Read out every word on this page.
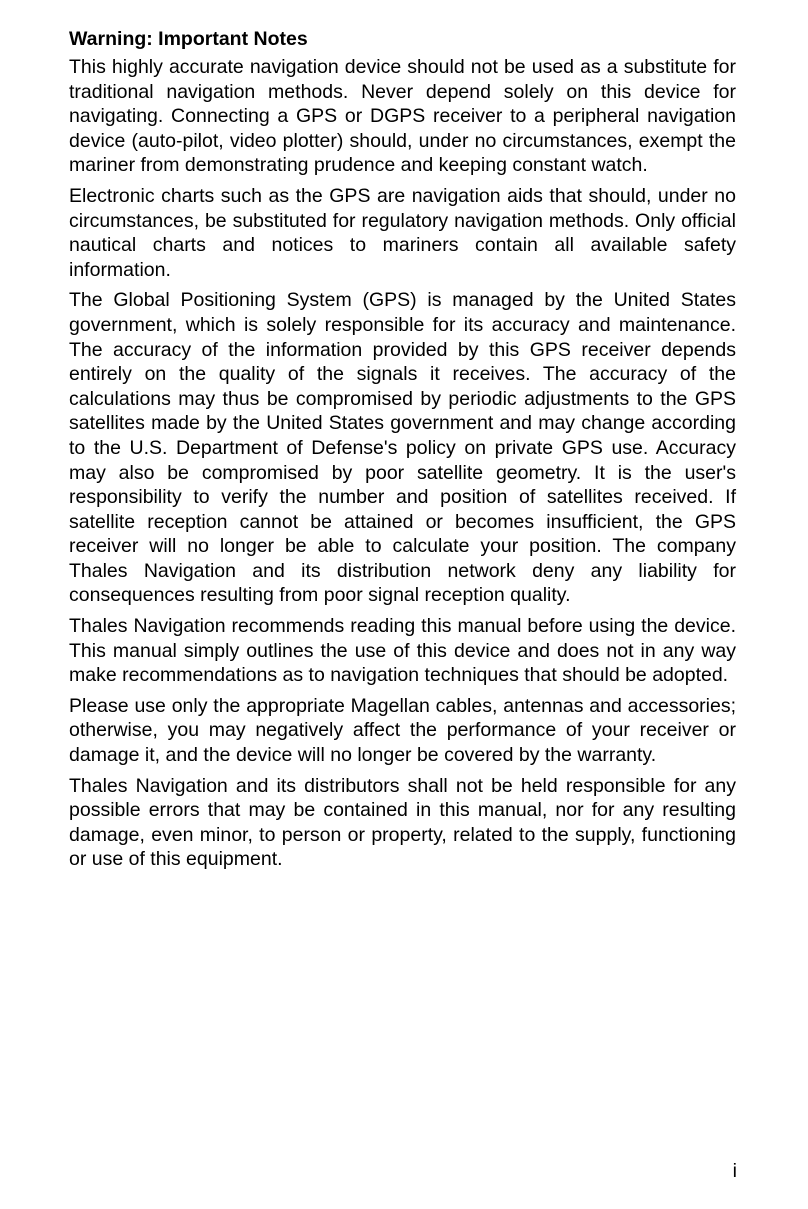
Warning: Important Notes

This highly accurate navigation device should not be used as a substitute for traditional navigation methods. Never depend solely on this device for navigating. Connecting a GPS or DGPS receiver to a peripheral navigation device (auto-pilot, video plotter) should, under no circumstances, exempt the mariner from demonstrating prudence and keeping constant watch.

Electronic charts such as the GPS are navigation aids that should, under no circumstances, be substituted for regulatory navigation methods. Only official nautical charts and notices to mariners contain all available safety information.

The Global Positioning System (GPS) is managed by the United States government, which is solely responsible for its accuracy and maintenance. The accuracy of the information provided by this GPS receiver depends entirely on the quality of the signals it receives. The accuracy of the calculations may thus be compromised by periodic adjustments to the GPS satellites made by the United States government and may change according to the U.S. Department of Defense's policy on private GPS use. Accuracy may also be compromised by poor satellite geometry. It is the user's responsibility to verify the number and position of satellites received. If satellite reception cannot be attained or becomes insufficient, the GPS receiver will no longer be able to calculate your position. The company Thales Navigation and its distribution network deny any liability for consequences resulting from poor signal reception quality.

Thales Navigation recommends reading this manual before using the device. This manual simply outlines the use of this device and does not in any way make recommendations as to navigation techniques that should be adopted.

Please use only the appropriate Magellan cables, antennas and accessories; otherwise, you may negatively affect the performance of your receiver or damage it, and the device will no longer be covered by the warranty.

Thales Navigation and its distributors shall not be held responsible for any possible errors that may be contained in this manual, nor for any resulting damage, even minor, to person or property, related to the supply, functioning or use of this equipment.

i
